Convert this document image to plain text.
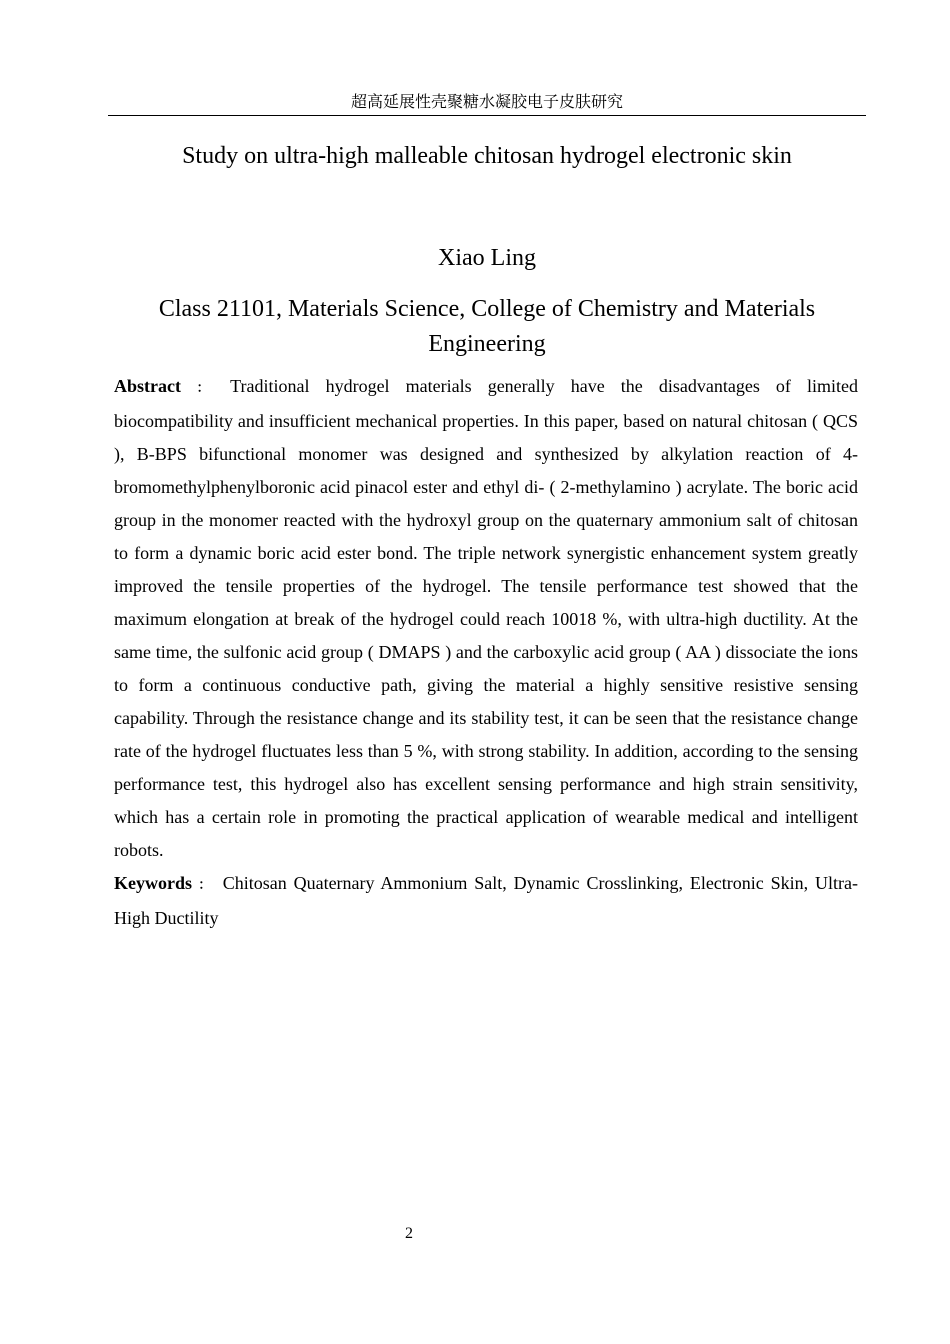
超高延展性壳聚糖水凝胶电子皮肤研究
Study on ultra-high malleable chitosan hydrogel electronic skin
Xiao Ling
Class 21101, Materials Science, College of Chemistry and Materials Engineering

Abstract ： Traditional hydrogel materials generally have the disadvantages of limited biocompatibility and insufficient mechanical properties. In this paper, based on natural chitosan ( QCS ), B-BPS bifunctional monomer was designed and synthesized by alkylation reaction of 4-bromomethylphenylboronic acid pinacol ester and ethyl di- ( 2-methylamino ) acrylate. The boric acid group in the monomer reacted with the hydroxyl group on the quaternary ammonium salt of chitosan to form a dynamic boric acid ester bond. The triple network synergistic enhancement system greatly improved the tensile properties of the hydrogel. The tensile performance test showed that the maximum elongation at break of the hydrogel could reach 10018 %, with ultra-high ductility. At the same time, the sulfonic acid group ( DMAPS ) and the carboxylic acid group ( AA ) dissociate the ions to form a continuous conductive path, giving the material a highly sensitive resistive sensing capability. Through the resistance change and its stability test, it can be seen that the resistance change rate of the hydrogel fluctuates less than 5 %, with strong stability. In addition, according to the sensing performance test, this hydrogel also has excellent sensing performance and high strain sensitivity, which has a certain role in promoting the practical application of wearable medical and intelligent robots.

Keywords ： Chitosan Quaternary Ammonium Salt, Dynamic Crosslinking, Electronic Skin, Ultra-High Ductility

2
